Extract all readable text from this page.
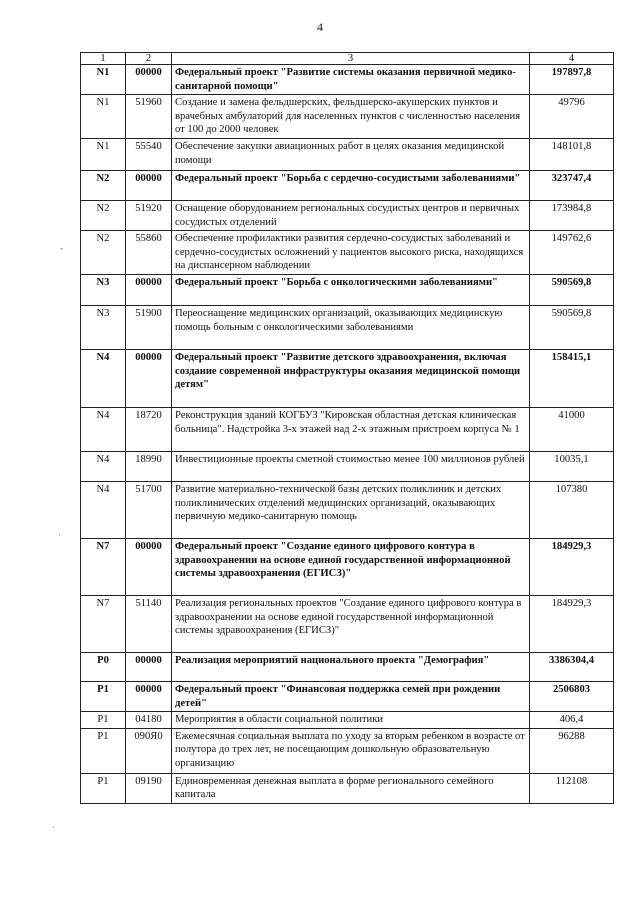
4
1	2	3	4
N1	00000	Федеральный проект "Развитие системы оказания первичной медико-санитарной помощи"	197897,8
N1	51960	Создание и замена фельдшерских, фельдшерско-акушерских пунктов и врачебных амбулаторий для населенных пунктов с численностью населения от 100 до 2000 человек	49796
N1	55540	Обеспечение закупки авиационных работ в целях оказания медицинской помощи	148101,8
N2	00000	Федеральный проект "Борьба с сердечно-сосудистыми заболеваниями"	323747,4
N2	51920	Оснащение оборудованием региональных сосудистых центров и первичных сосудистых отделений	173984,8
N2	55860	Обеспечение профилактики развития сердечно-сосудистых заболеваний и сердечно-сосудистых осложнений у пациентов высокого риска, находящихся на диспансерном наблюдении	149762,6
N3	00000	Федеральный проект "Борьба с онкологическими заболеваниями"	590569,8
N3	51900	Переоснащение медицинских организаций, оказывающих медицинскую помощь больным с онкологическими заболеваниями	590569,8
N4	00000	Федеральный проект "Развитие детского здравоохранения, включая создание современной инфраструктуры оказания медицинской помощи детям"	158415,1
N4	18720	Реконструкция зданий КОГБУЗ "Кировская областная детская клиническая больница". Надстройка 3-х этажей над 2-х этажным пристроем корпуса № 1	41000
N4	18990	Инвестиционные проекты сметной стоимостью менее 100 миллионов рублей	10035,1
N4	51700	Развитие материально-технической базы детских поликлиник и детских поликлинических отделений медицинских организаций, оказывающих первичную медико-санитарную помощь	107380
N7	00000	Федеральный проект "Создание единого цифрового контура в здравоохранении на основе единой государственной информационной системы здравоохранения (ЕГИСЗ)"	184929,3
N7	51140	Реализация региональных проектов "Создание единого цифрового контура в здравоохранении на основе единой государственной информационной системы здравоохранения (ЕГИСЗ)"	184929,3
P0	00000	Реализация мероприятий национального проекта "Демография"	3386304,4
P1	00000	Федеральный проект "Финансовая поддержка семей при рождении детей"	2506803
P1	04180	Мероприятия в области социальной политики	406,4
P1	090Я0	Ежемесячная социальная выплата по уходу за вторым ребенком в возрасте от полутора до трех лет, не посещающим дошкольную образовательную организацию	96288
P1	09190	Единовременная денежная выплата в форме регионального семейного капитала	112108
-
·
·
